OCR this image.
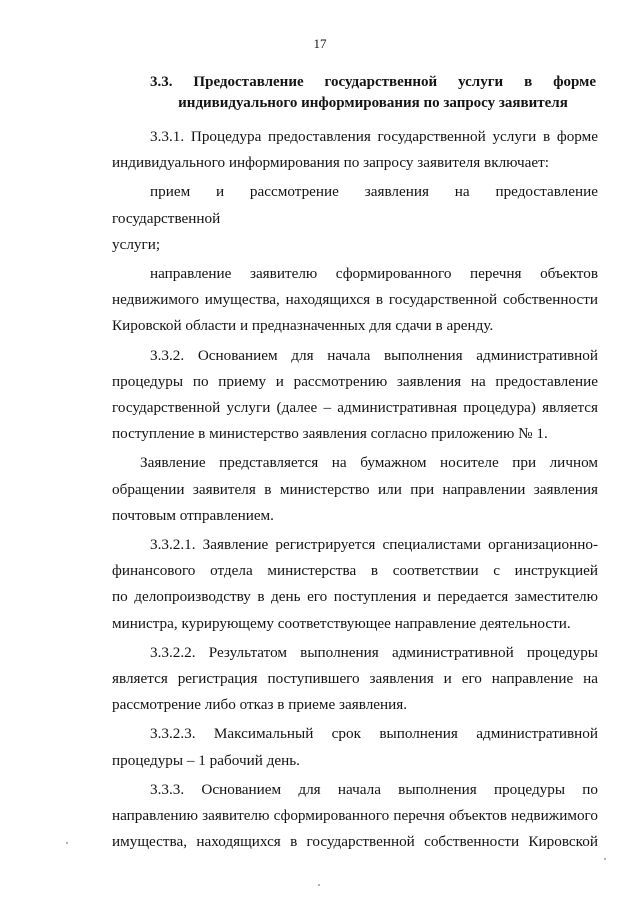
17
3.3. Предоставление государственной услуги в форме
индивидуального информирования по запросу заявителя

3.3.1. Процедура предоставления государственной услуги в форме
индивидуального информирования по запросу заявителя включает:

прием и рассмотрение заявления на предоставление государственной
услуги;

направление заявителю сформированного перечня объектов
недвижимого имущества, находящихся в государственной собственности
Кировской области и предназначенных для сдачи в аренду.

3.3.2. Основанием для начала выполнения административной
процедуры по приему и рассмотрению заявления на предоставление
государственной услуги (далее – административная процедура) является
поступление в министерство заявления согласно приложению № 1.

Заявление представляется на бумажном носителе при личном
обращении заявителя в министерство или при направлении заявления
почтовым отправлением.

3.3.2.1. Заявление регистрируется специалистами организационно-
финансового отдела министерства в соответствии с инструкцией
по делопроизводству в день его поступления и передается заместителю
министра, курирующему соответствующее направление деятельности.

3.3.2.2. Результатом выполнения административной процедуры
является регистрация поступившего заявления и его направление на
рассмотрение либо отказ в приеме заявления.

3.3.2.3. Максимальный срок выполнения административной
процедуры – 1 рабочий день.

3.3.3. Основанием для начала выполнения процедуры по
направлению заявителю сформированного перечня объектов недвижимого
имущества, находящихся в государственной собственности Кировской
